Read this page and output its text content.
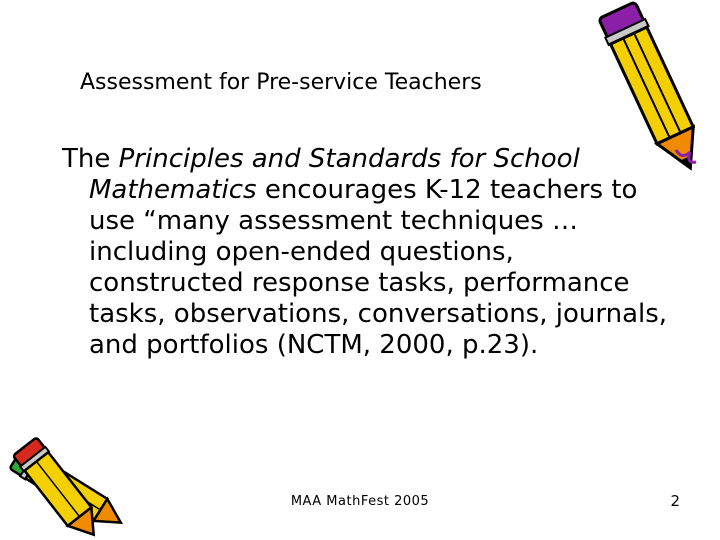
Assessment for Pre-service Teachers

The Principles and Standards for School Mathematics encourages K-12 teachers to use “many assessment techniques … including open-ended questions, constructed response tasks, performance tasks, observations, conversations, journals, and portfolios (NCTM, 2000, p.23).

MAA MathFest 2005	2
